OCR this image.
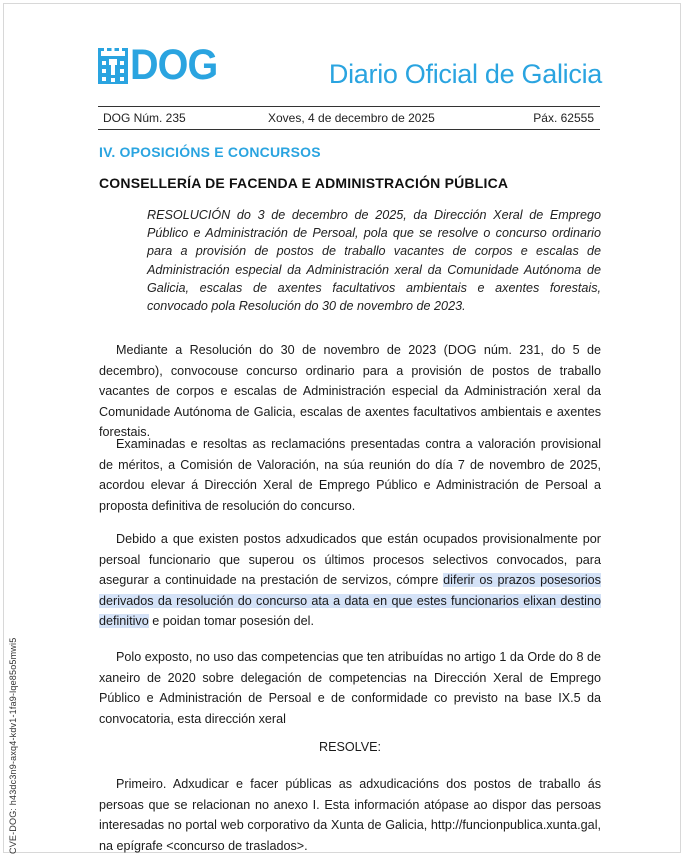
CVE-DOG: h43dc3n9-axq4-kdv1-1fa9-lqe85o5mwi5
DOG	Diario Oficial de Galicia
DOG Núm. 235	Xoves, 4 de decembro de 2025	Páx. 62555
IV. OPOSICIÓNS E CONCURSOS
CONSELLERÍA DE FACENDA E ADMINISTRACIÓN PÚBLICA
RESOLUCIÓN do 3 de decembro de 2025, da Dirección Xeral de Emprego Público e Administración de Persoal, pola que se resolve o concurso ordinario para a provisión de postos de traballo vacantes de corpos e escalas de Administración especial da Administración xeral da Comunidade Autónoma de Galicia, escalas de axentes facultativos ambientais e axentes forestais, convocado pola Resolución do 30 de novembro de 2023.
Mediante a Resolución do 30 de novembro de 2023 (DOG núm. 231, do 5 de decembro), convocouse concurso ordinario para a provisión de postos de traballo vacantes de corpos e escalas de Administración especial da Administración xeral da Comunidade Autónoma de Galicia, escalas de axentes facultativos ambientais e axentes forestais.
Examinadas e resoltas as reclamacións presentadas contra a valoración provisional de méritos, a Comisión de Valoración, na súa reunión do día 7 de novembro de 2025, acordou elevar á Dirección Xeral de Emprego Público e Administración de Persoal a proposta definitiva de resolución do concurso.
Debido a que existen postos adxudicados que están ocupados provisionalmente por persoal funcionario que superou os últimos procesos selectivos convocados, para asegurar a continuidade na prestación de servizos, cómpre diferir os prazos posesorios derivados da resolución do concurso ata a data en que estes funcionarios elixan destino definitivo e poidan tomar posesión del.
Polo exposto, no uso das competencias que ten atribuídas no artigo 1 da Orde do 8 de xaneiro de 2020 sobre delegación de competencias na Dirección Xeral de Emprego Público e Administración de Persoal e de conformidade co previsto na base IX.5 da convocatoria, esta dirección xeral
RESOLVE:
Primeiro. Adxudicar e facer públicas as adxudicacións dos postos de traballo ás persoas que se relacionan no anexo I. Esta información atópase ao dispor das persoas interesadas no portal web corporativo da Xunta de Galicia, http://funcionpublica.xunta.gal, na epígrafe <concurso de traslados>.
